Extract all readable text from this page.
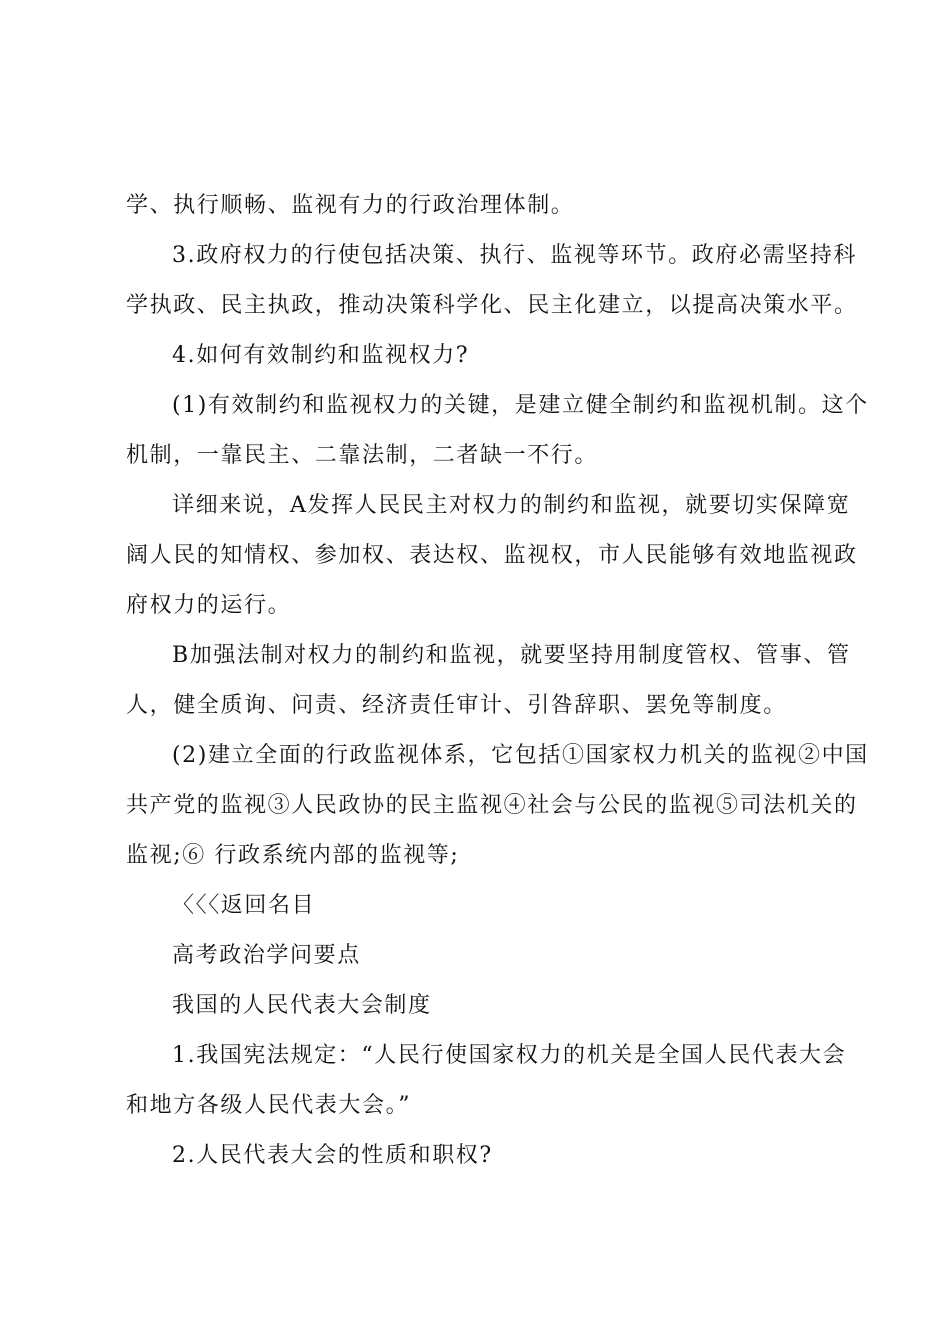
学、执行顺畅、监视有力的行政治理体制。
3.政府权力的行使包括决策、执行、监视等环节。政府必需坚持科
学执政、民主执政，推动决策科学化、民主化建立，以提高决策水平。
4.如何有效制约和监视权力?
(1)有效制约和监视权力的关键，是建立健全制约和监视机制。这个
机制，一靠民主、二靠法制，二者缺一不行。
详细来说，A发挥人民民主对权力的制约和监视，就要切实保障宽
阔人民的知情权、参加权、表达权、监视权，市人民能够有效地监视政
府权力的运行。
B加强法制对权力的制约和监视，就要坚持用制度管权、管事、管
人，健全质询、问责、经济责任审计、引咎辞职、罢免等制度。
(2)建立全面的行政监视体系，它包括①国家权力机关的监视②中国
共产党的监视③人民政协的民主监视④社会与公民的监视⑤司法机关的
监视;⑥ 行政系统内部的监视等;
〈〈〈返回名目
高考政治学问要点
我国的人民代表大会制度
1.我国宪法规定：“人民行使国家权力的机关是全国人民代表大会
和地方各级人民代表大会。”
2.人民代表大会的性质和职权?
